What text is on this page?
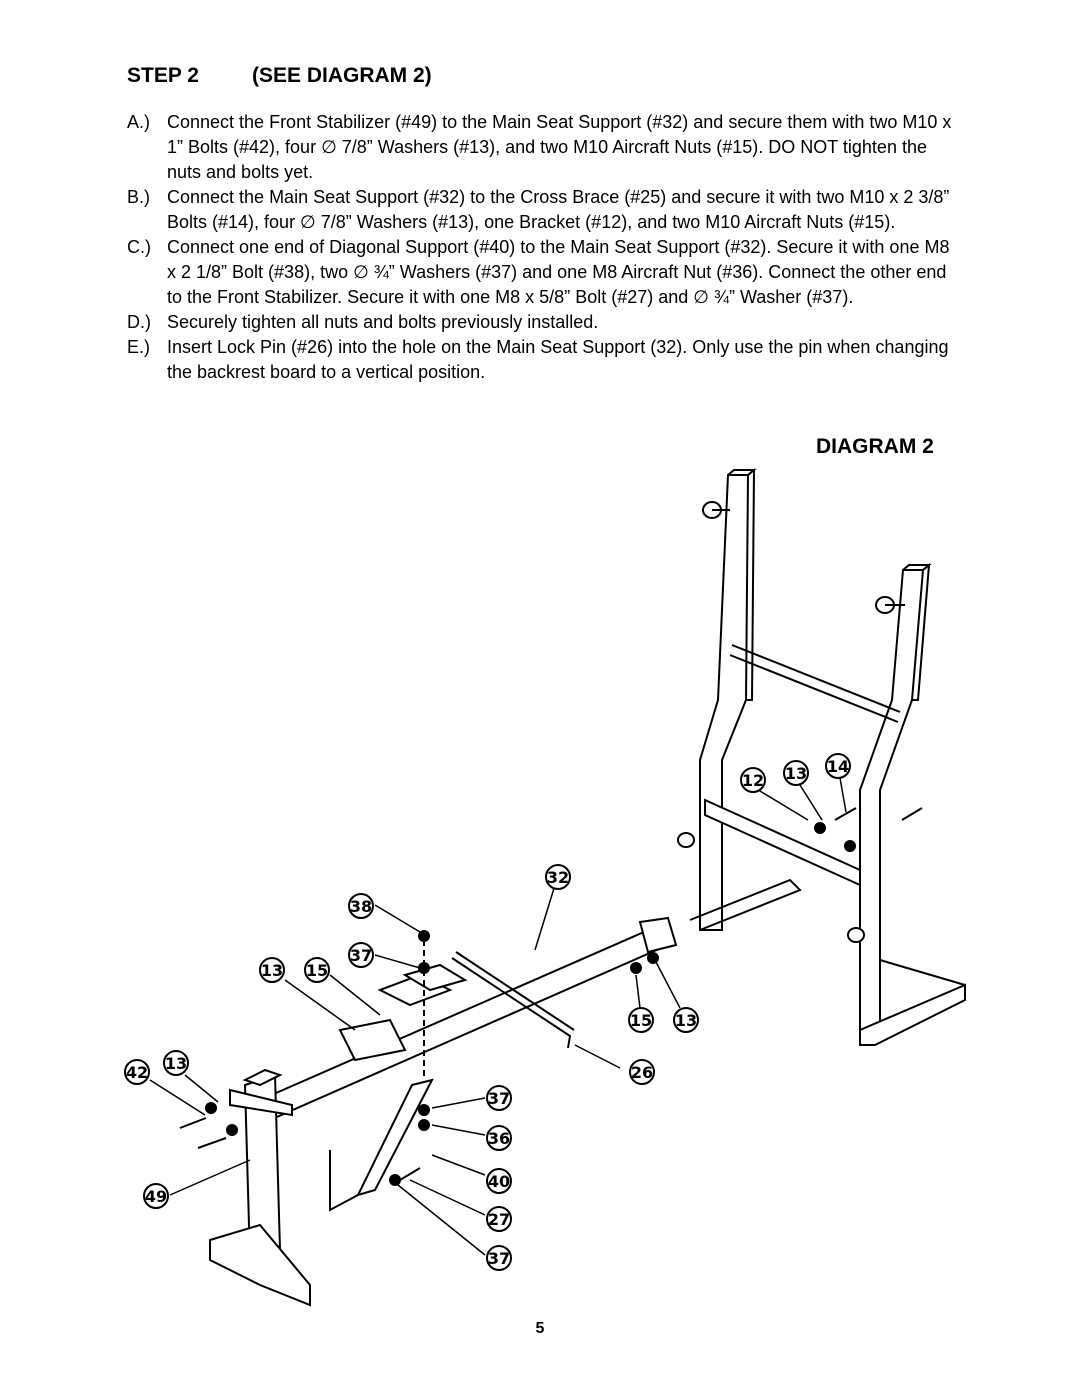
STEP 2	(SEE DIAGRAM 2)
A.) Connect the Front Stabilizer (#49) to the Main Seat Support (#32) and secure them with two M10 x 1” Bolts (#42), four ∅ 7/8” Washers (#13), and two M10 Aircraft Nuts (#15). DO NOT tighten the nuts and bolts yet.
B.) Connect the Main Seat Support (#32) to the Cross Brace (#25) and secure it with two M10 x 2 3/8” Bolts (#14), four ∅ 7/8” Washers (#13), one Bracket (#12), and two M10 Aircraft Nuts (#15).
C.) Connect one end of Diagonal Support (#40) to the Main Seat Support (#32). Secure it with one M8 x 2 1/8” Bolt (#38), two ∅ ¾” Washers (#37) and one M8 Aircraft Nut (#36). Connect the other end to the Front Stabilizer. Secure it with one M8 x 5/8” Bolt (#27) and ∅ ¾” Washer (#37).
D.) Securely tighten all nuts and bolts previously installed.
E.) Insert Lock Pin (#26) into the hole on the Main Seat Support (32). Only use the pin when changing the backrest board to a vertical position.
DIAGRAM 2
12 13 14
32
38
37
13 15
15 13
42 13	26
37
36
40
49
27
37
5
